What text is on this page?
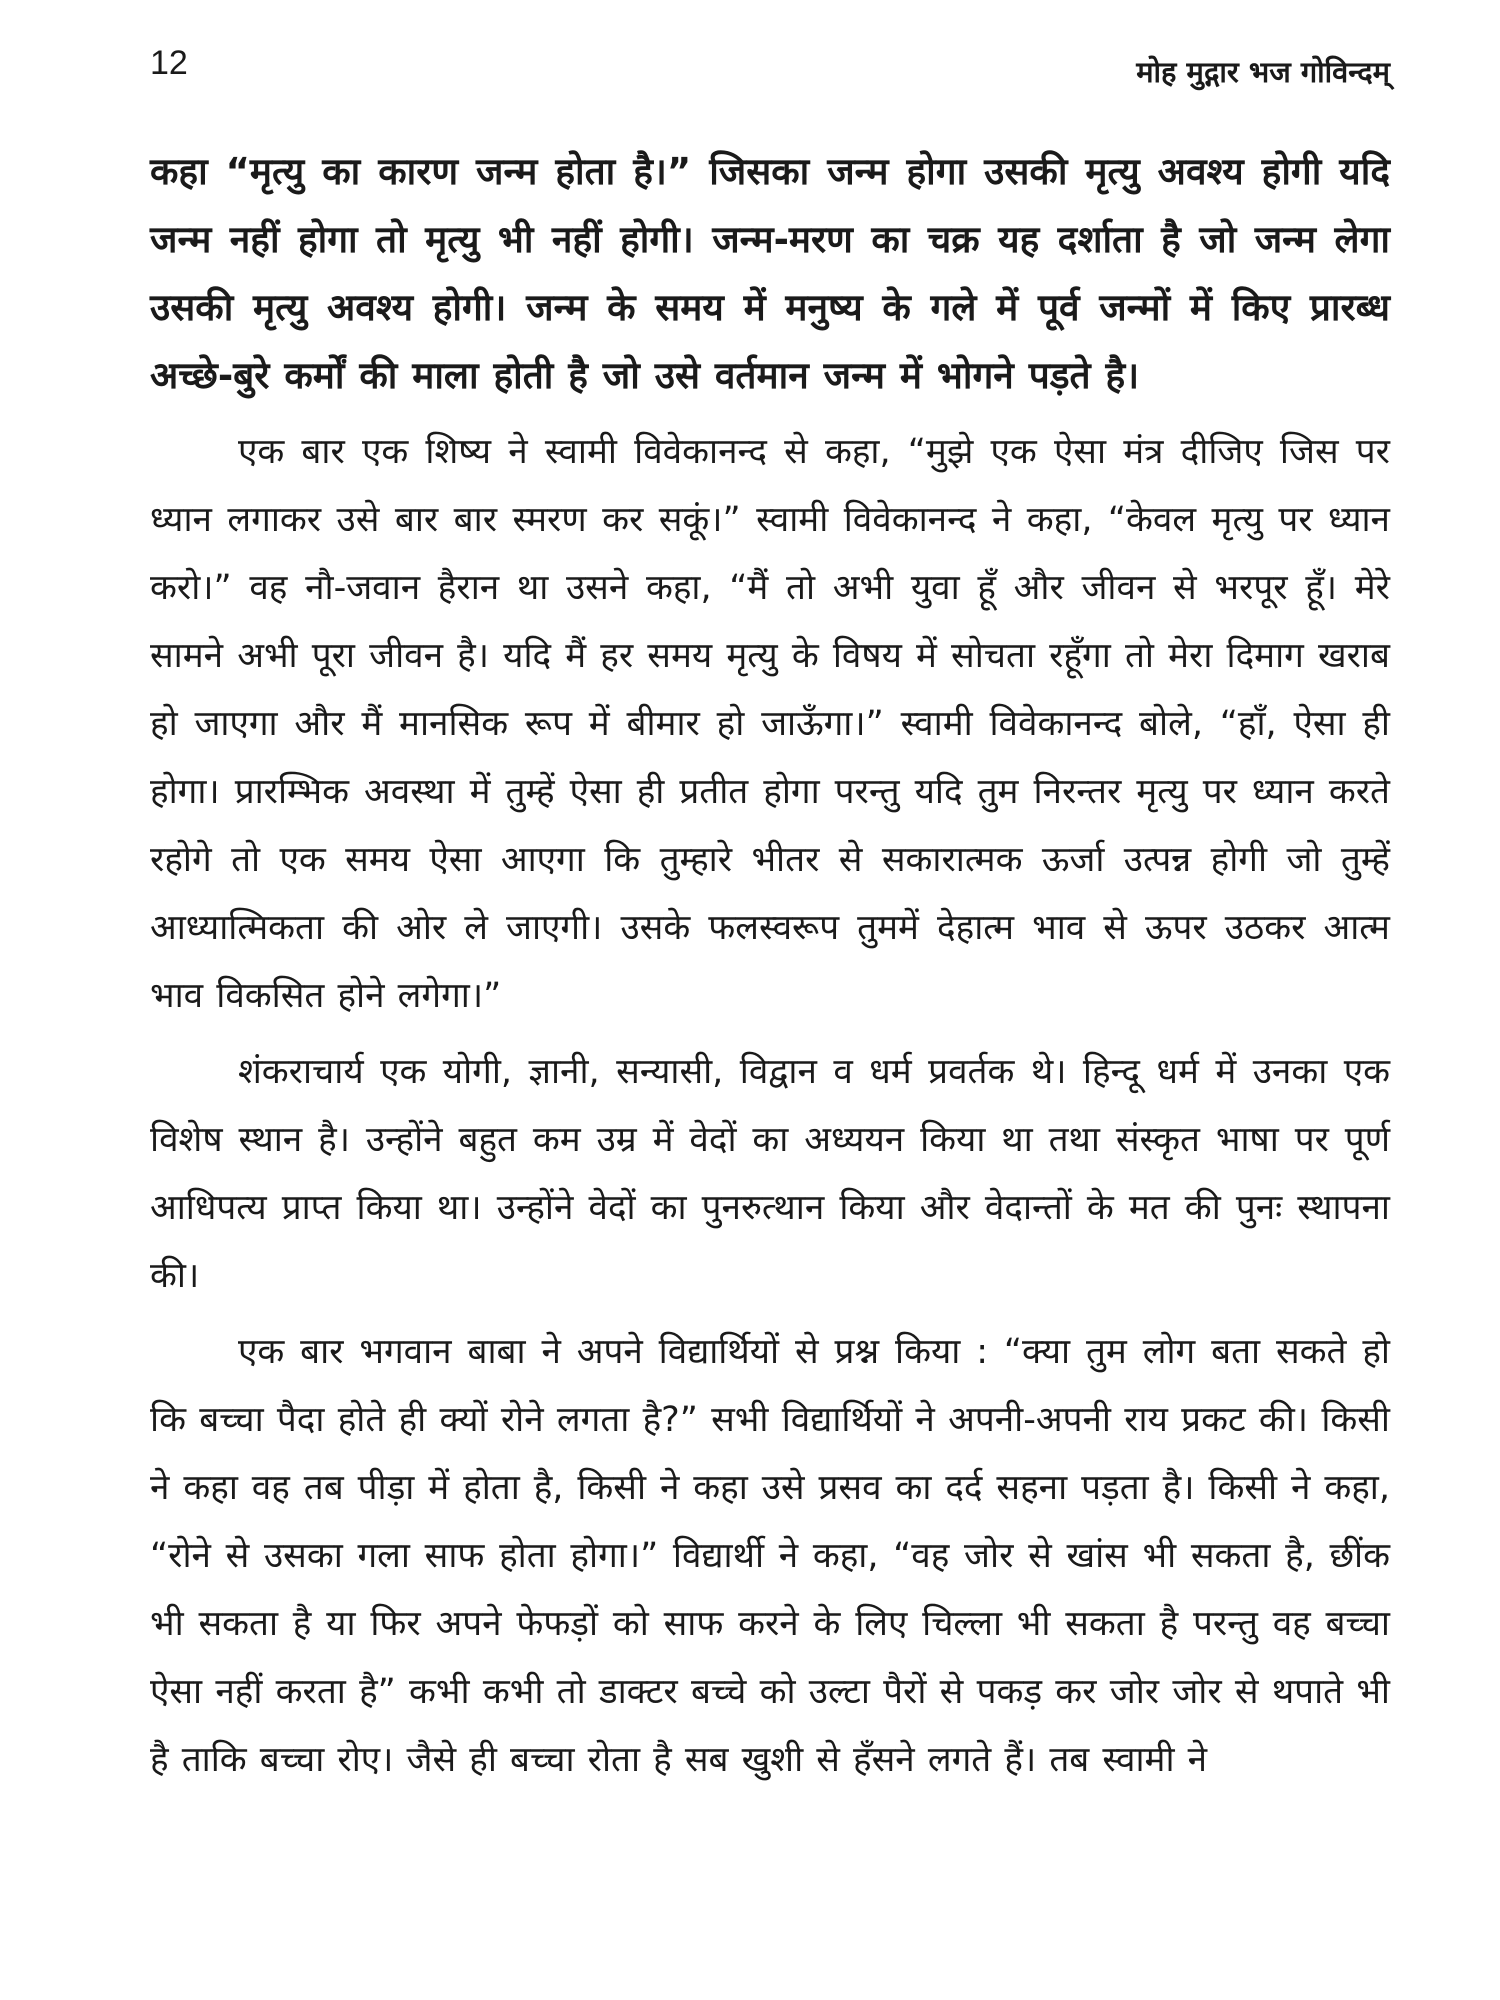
12	मोह मुद्गार भज गोविन्दम्

कहा “मृत्यु का कारण जन्म होता है।” जिसका जन्म होगा उसकी मृत्यु अवश्य होगी यदि जन्म नहीं होगा तो मृत्यु भी नहीं होगी। जन्म-मरण का चक्र यह दर्शाता है जो जन्म लेगा उसकी मृत्यु अवश्य होगी। जन्म के समय में मनुष्य के गले में पूर्व जन्मों में किए प्रारब्ध अच्छे-बुरे कर्मों की माला होती है जो उसे वर्तमान जन्म में भोगने पड़ते है।

एक बार एक शिष्य ने स्वामी विवेकानन्द से कहा, “मुझे एक ऐसा मंत्र दीजिए जिस पर ध्यान लगाकर उसे बार बार स्मरण कर सकूं।” स्वामी विवेकानन्द ने कहा, “केवल मृत्यु पर ध्यान करो।” वह नौ-जवान हैरान था उसने कहा, “मैं तो अभी युवा हूँ और जीवन से भरपूर हूँ। मेरे सामने अभी पूरा जीवन है। यदि मैं हर समय मृत्यु के विषय में सोचता रहूँगा तो मेरा दिमाग खराब हो जाएगा और मैं मानसिक रूप में बीमार हो जाऊँगा।” स्वामी विवेकानन्द बोले, “हाँ, ऐसा ही होगा। प्रारम्भिक अवस्था में तुम्हें ऐसा ही प्रतीत होगा परन्तु यदि तुम निरन्तर मृत्यु पर ध्यान करते रहोगे तो एक समय ऐसा आएगा कि तुम्हारे भीतर से सकारात्मक ऊर्जा उत्पन्न होगी जो तुम्हें आध्यात्मिकता की ओर ले जाएगी। उसके फलस्वरूप तुममें देहात्म भाव से ऊपर उठकर आत्म भाव विकसित होने लगेगा।”

शंकराचार्य एक योगी, ज्ञानी, सन्यासी, विद्वान व धर्म प्रवर्तक थे। हिन्दू धर्म में उनका एक विशेष स्थान है। उन्होंने बहुत कम उम्र में वेदों का अध्ययन किया था तथा संस्कृत भाषा पर पूर्ण आधिपत्य प्राप्त किया था। उन्होंने वेदों का पुनरुत्थान किया और वेदान्तों के मत की पुनः स्थापना की।

एक बार भगवान बाबा ने अपने विद्यार्थियों से प्रश्न किया : “क्या तुम लोग बता सकते हो कि बच्चा पैदा होते ही क्यों रोने लगता है?” सभी विद्यार्थियों ने अपनी-अपनी राय प्रकट की। किसी ने कहा वह तब पीड़ा में होता है, किसी ने कहा उसे प्रसव का दर्द सहना पड़ता है। किसी ने कहा, “रोने से उसका गला साफ होता होगा।” विद्यार्थी ने कहा, “वह जोर से खांस भी सकता है, छींक भी सकता है या फिर अपने फेफड़ों को साफ करने के लिए चिल्ला भी सकता है परन्तु वह बच्चा ऐसा नहीं करता है” कभी कभी तो डाक्टर बच्चे को उल्टा पैरों से पकड़ कर जोर जोर से थपाते भी है ताकि बच्चा रोए। जैसे ही बच्चा रोता है सब खुशी से हँसने लगते हैं। तब स्वामी ने
